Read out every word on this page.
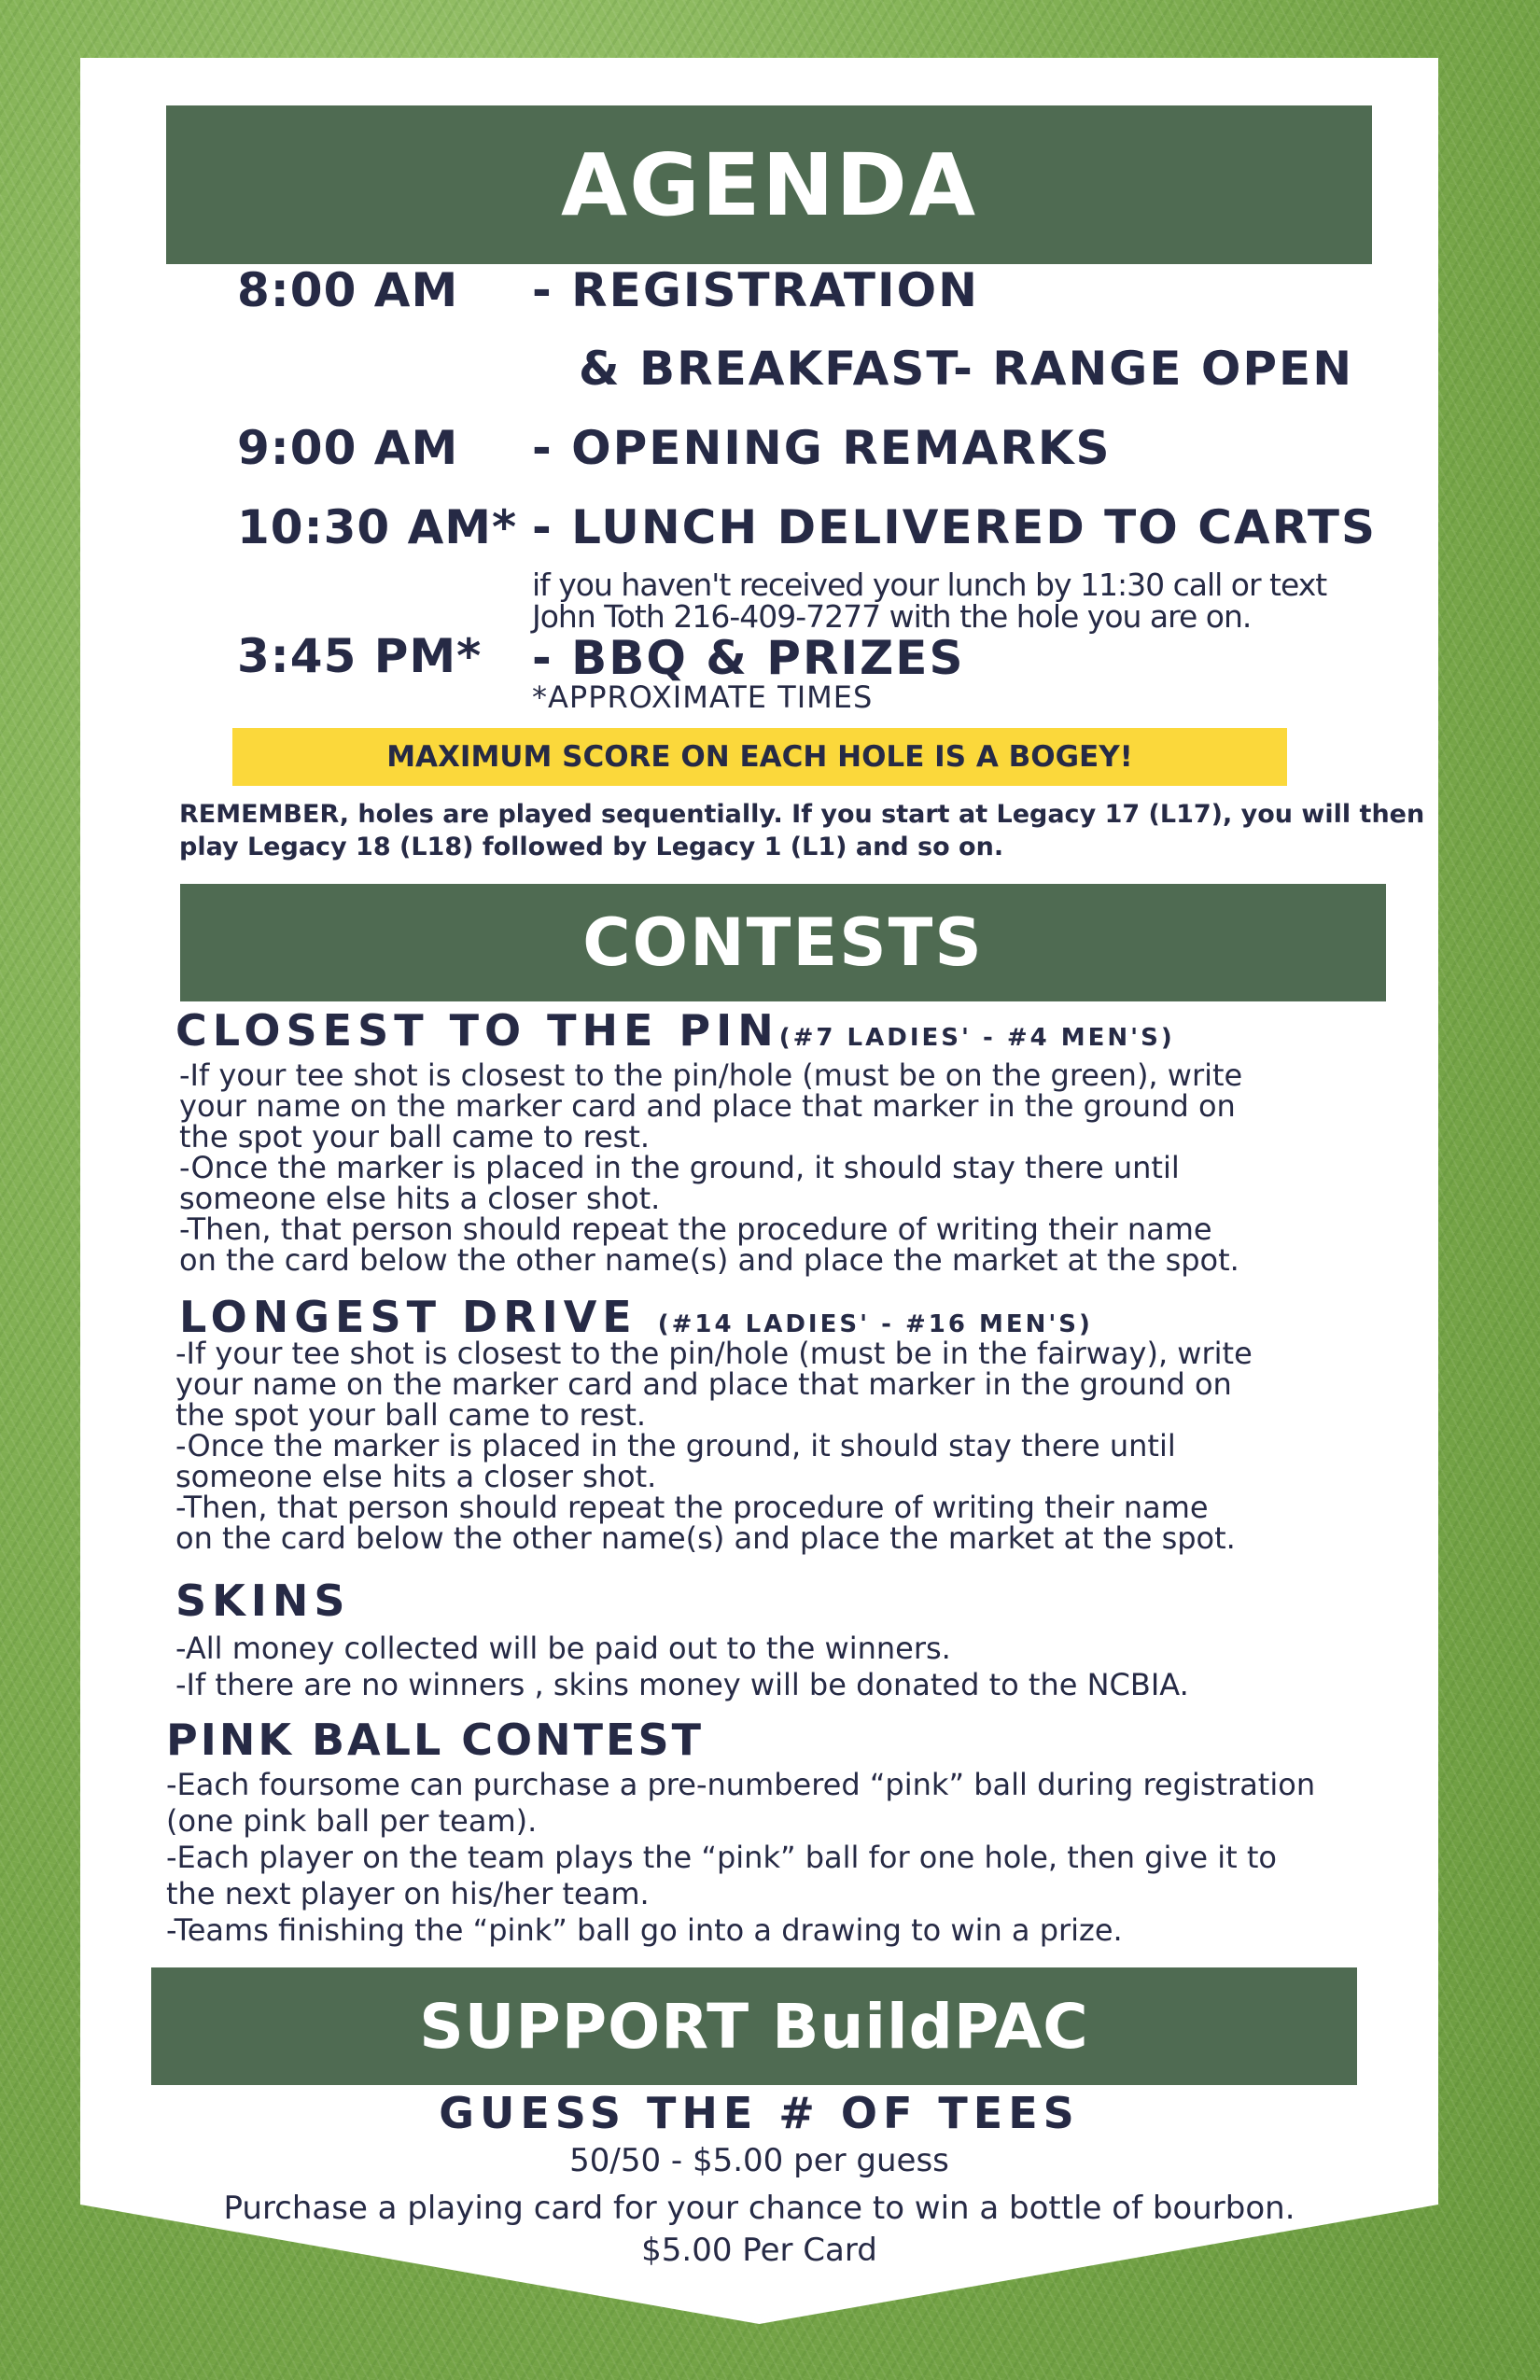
AGENDA
8:00 AM - REGISTRATION
& BREAKFAST- RANGE OPEN
9:00 AM - OPENING REMARKS
10:30 AM* - LUNCH DELIVERED TO CARTS
if you haven't received your lunch by 11:30 call or text
John Toth 216-409-7277 with the hole you are on.
3:45 PM* - BBQ & PRIZES
*APPROXIMATE TIMES
MAXIMUM SCORE ON EACH HOLE IS A BOGEY!
REMEMBER, holes are played sequentially. If you start at Legacy 17 (L17), you will then
play Legacy 18 (L18) followed by Legacy 1 (L1) and so on.
CONTESTS
CLOSEST TO THE PIN(#7 LADIES' - #4 MEN'S)
-If your tee shot is closest to the pin/hole (must be on the green), write
your name on the marker card and place that marker in the ground on
the spot your ball came to rest.
-Once the marker is placed in the ground, it should stay there until
someone else hits a closer shot.
-Then, that person should repeat the procedure of writing their name
on the card below the other name(s) and place the market at the spot.
LONGEST DRIVE (#14 LADIES' - #16 MEN'S)
-If your tee shot is closest to the pin/hole (must be in the fairway), write
your name on the marker card and place that marker in the ground on
the spot your ball came to rest.
-Once the marker is placed in the ground, it should stay there until
someone else hits a closer shot.
-Then, that person should repeat the procedure of writing their name
on the card below the other name(s) and place the market at the spot.
SKINS
-All money collected will be paid out to the winners.
-If there are no winners , skins money will be donated to the NCBIA.
PINK BALL CONTEST
-Each foursome can purchase a pre-numbered “pink” ball during registration
(one pink ball per team).
-Each player on the team plays the “pink” ball for one hole, then give it to
the next player on his/her team.
-Teams finishing the “pink” ball go into a drawing to win a prize.
SUPPORT BuildPAC
GUESS THE # OF TEES
50/50 - $5.00 per guess
Purchase a playing card for your chance to win a bottle of bourbon.
$5.00 Per Card
